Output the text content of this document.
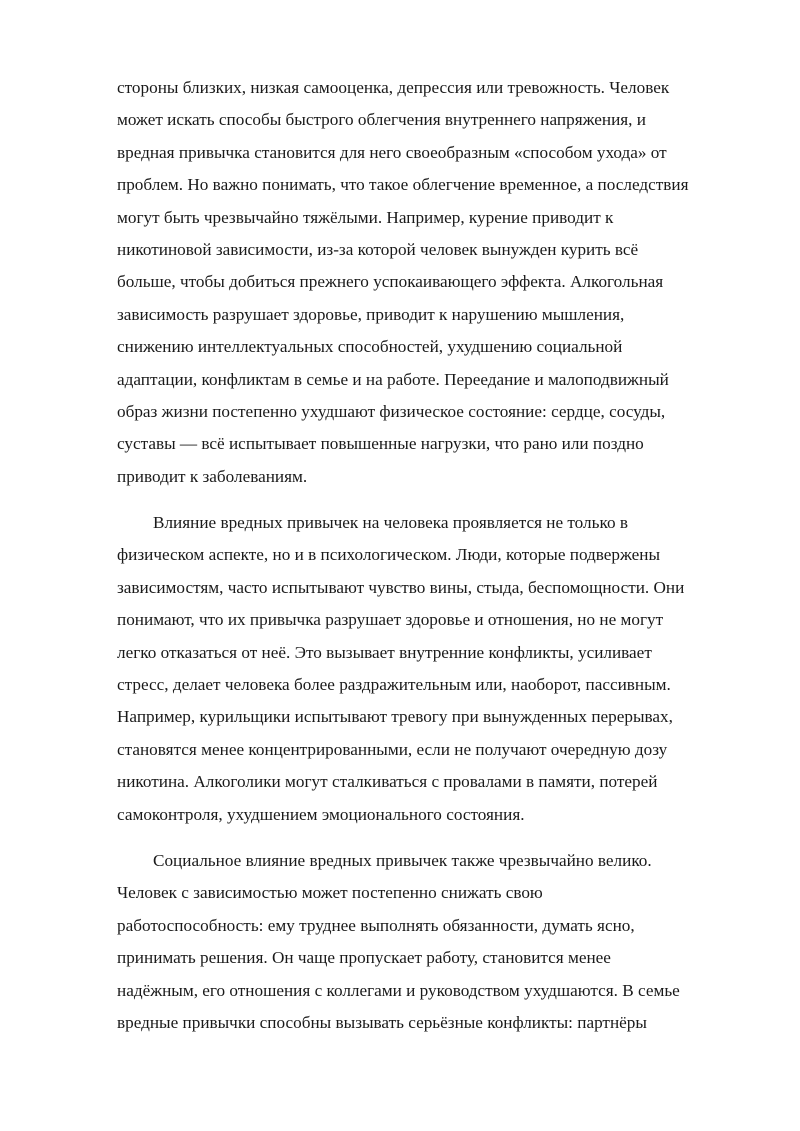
стороны близких, низкая самооценка, депрессия или тревожность. Человек
может искать способы быстрого облегчения внутреннего напряжения, и
вредная привычка становится для него своеобразным «способом ухода» от
проблем. Но важно понимать, что такое облегчение временное, а последствия
могут быть чрезвычайно тяжёлыми. Например, курение приводит к
никотиновой зависимости, из-за которой человек вынужден курить всё
больше, чтобы добиться прежнего успокаивающего эффекта. Алкогольная
зависимость разрушает здоровье, приводит к нарушению мышления,
снижению интеллектуальных способностей, ухудшению социальной
адаптации, конфликтам в семье и на работе. Переедание и малоподвижный
образ жизни постепенно ухудшают физическое состояние: сердце, сосуды,
суставы — всё испытывает повышенные нагрузки, что рано или поздно
приводит к заболеваниям.

Влияние вредных привычек на человека проявляется не только в
физическом аспекте, но и в психологическом. Люди, которые подвержены
зависимостям, часто испытывают чувство вины, стыда, беспомощности. Они
понимают, что их привычка разрушает здоровье и отношения, но не могут
легко отказаться от неё. Это вызывает внутренние конфликты, усиливает
стресс, делает человека более раздражительным или, наоборот, пассивным.
Например, курильщики испытывают тревогу при вынужденных перерывах,
становятся менее концентрированными, если не получают очередную дозу
никотина. Алкоголики могут сталкиваться с провалами в памяти, потерей
самоконтроля, ухудшением эмоционального состояния.

Социальное влияние вредных привычек также чрезвычайно велико.
Человек с зависимостью может постепенно снижать свою
работоспособность: ему труднее выполнять обязанности, думать ясно,
принимать решения. Он чаще пропускает работу, становится менее
надёжным, его отношения с коллегами и руководством ухудшаются. В семье
вредные привычки способны вызывать серьёзные конфликты: партнёры
